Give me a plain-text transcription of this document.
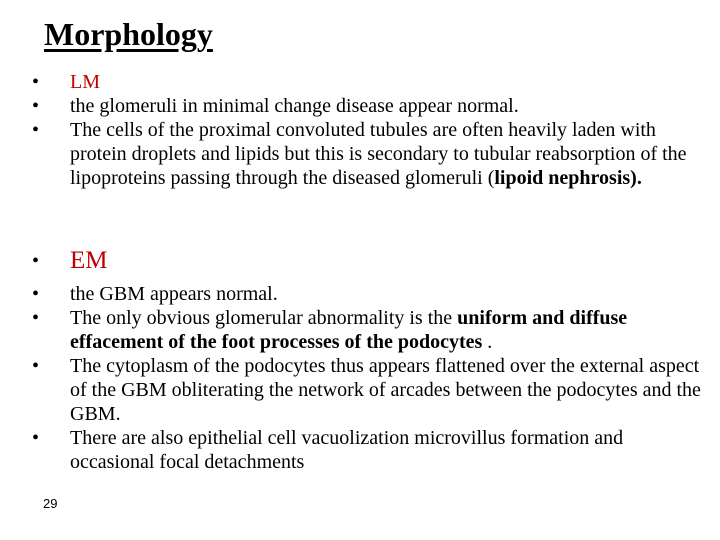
Morphology
•	LM
•	the glomeruli in minimal change disease appear normal.
•	The cells of the proximal convoluted tubules are often heavily laden with protein droplets and lipids but this is secondary to tubular reabsorption of the lipoproteins passing through the diseased glomeruli (lipoid nephrosis).
•	EM
•	the GBM appears normal.
•	The only obvious glomerular abnormality is the uniform and diffuse effacement of the foot processes of the podocytes .
•	The cytoplasm of the podocytes thus appears flattened over the external aspect of the GBM obliterating the network of arcades between the podocytes and the GBM.
•	There are also epithelial cell vacuolization microvillus formation and occasional focal detachments
29
